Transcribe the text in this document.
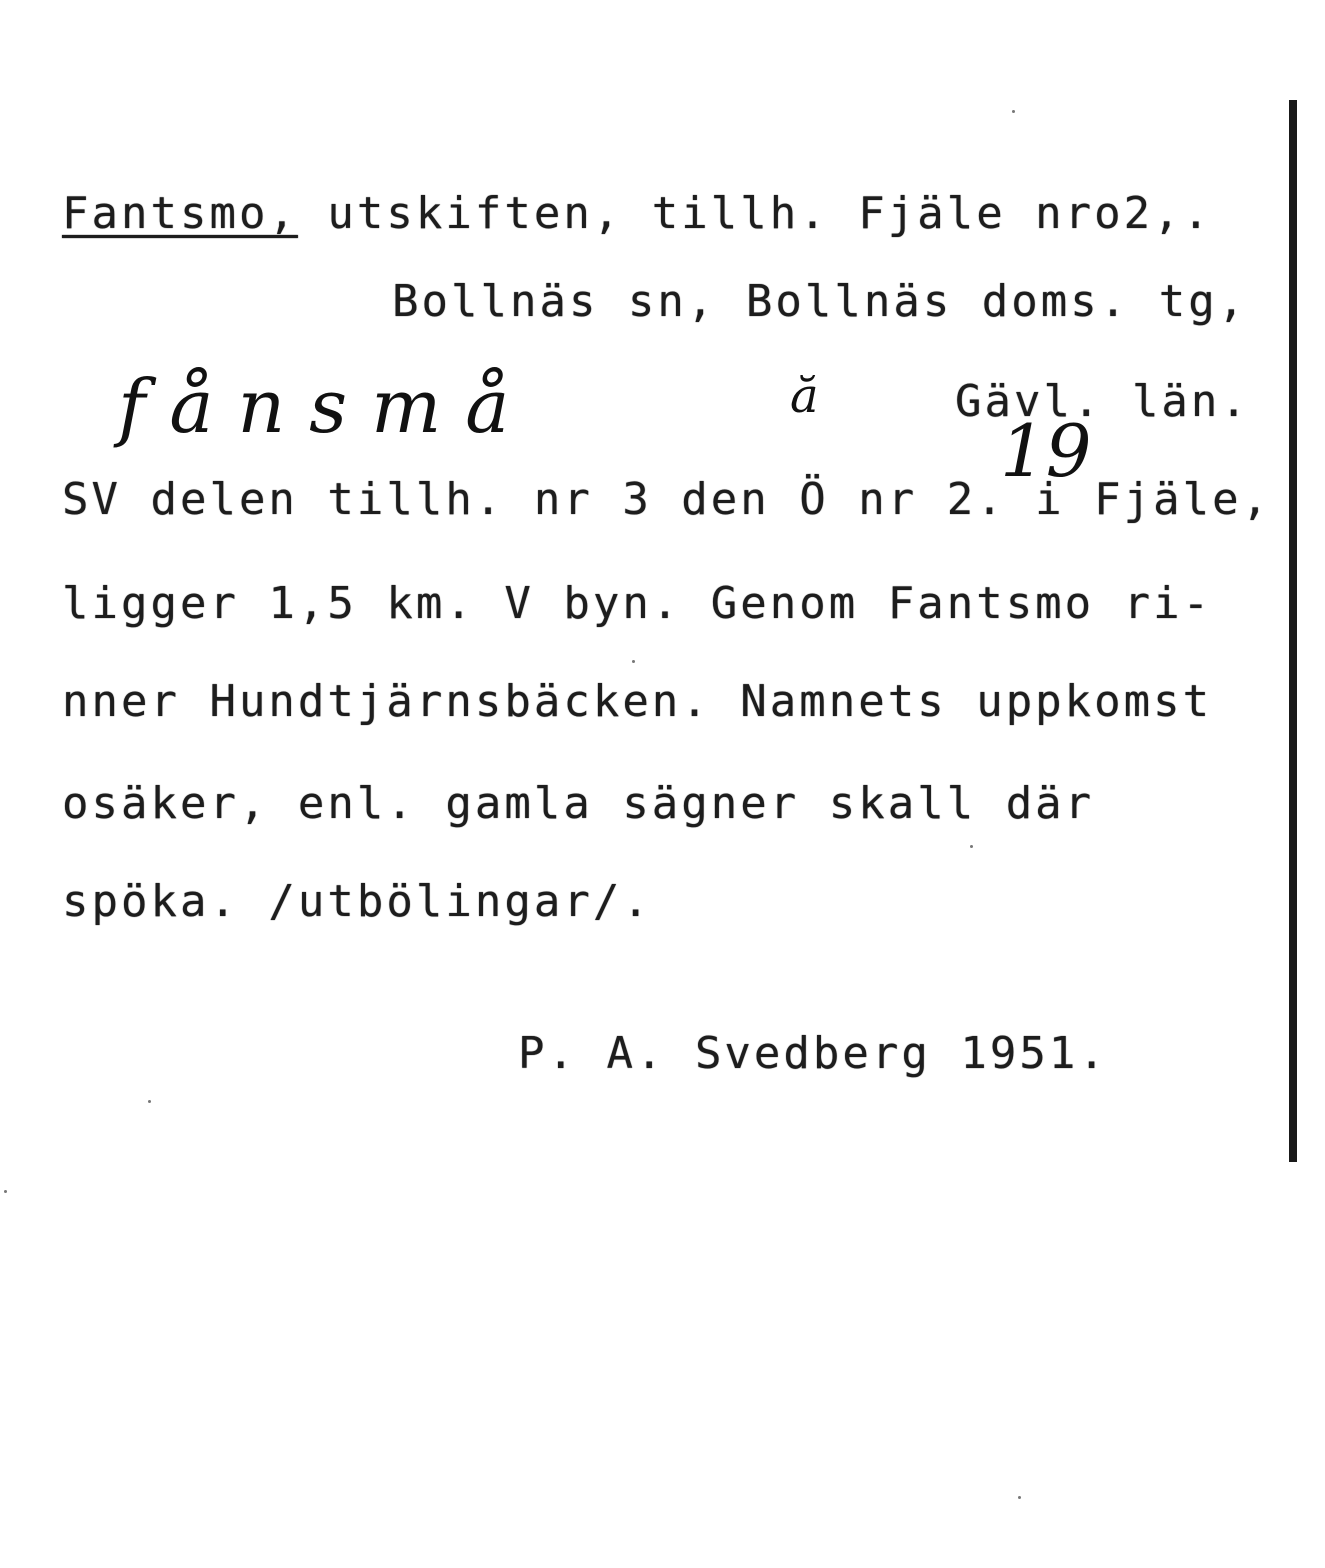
Fantsmo, utskiften, tillh. Fjäle nro2,.
Bollnäs sn, Bollnäs doms. tg,
fånsmå	ă	Gävl. län.
19
SV delen tillh. nr 3 den Ö nr 2. i Fjäle,
ligger 1,5 km. V byn. Genom Fantsmo ri-
nner Hundtjärnsbäcken. Namnets uppkomst
osäker, enl. gamla sägner skall där
spöka. /utbölingar/.
P. A. Svedberg 1951.
